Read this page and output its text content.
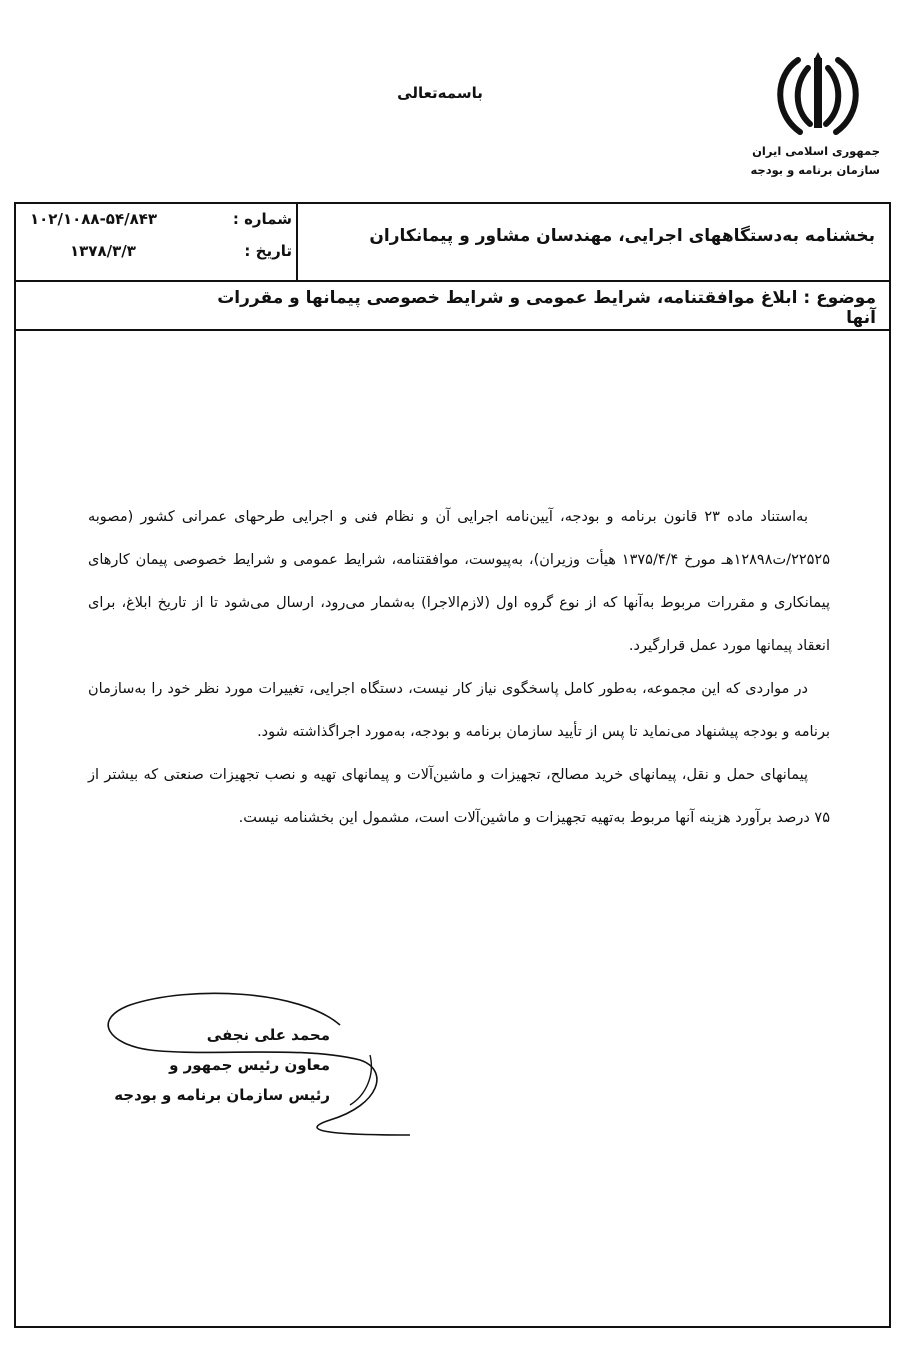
باسمه‌تعالی
جمهوری اسلامی ایران
سازمان برنامه و بودجه
بخشنامه به‌دستگاههای اجرایی، مهندسان مشاور و پیمانکاران
شماره :
۱۰۲/۱۰۸۸-۵۴/۸۴۳
تاریخ :
۱۳۷۸/۳/۳
موضوع : ابلاغ موافقتنامه، شرایط عمومی و شرایط خصوصی پیمانها و مقررات آنها

به‌استناد ماده ۲۳ قانون برنامه و بودجه، آیین‌نامه اجرایی آن و نظام فنی و اجرایی طرحهای عمرانی کشور (مصوبه ۲۲۵۲۵/ت۱۲۸۹۸هـ مورخ ۱۳۷۵/۴/۴ هیأت وزیران)، به‌پیوست، موافقتنامه، شرایط عمومی و شرایط خصوصی پیمان کارهای پیمانکاری و مقررات مربوط به‌آنها که از نوع گروه اول (لازم‌الاجرا) به‌شمار می‌رود، ارسال می‌شود تا از تاریخ ابلاغ، برای انعقاد پیمانها مورد عمل قرارگیرد.

در مواردی که این مجموعه، به‌طور کامل پاسخگوی نیاز کار نیست، دستگاه اجرایی، تغییرات مورد نظر خود را به‌سازمان برنامه و بودجه پیشنهاد می‌نماید تا پس از تأیید سازمان برنامه و بودجه، به‌مورد اجراگذاشته شود.

پیمانهای حمل و نقل، پیمانهای خرید مصالح، تجهیزات و ماشین‌آلات و پیمانهای تهیه و نصب تجهیزات صنعتی که بیشتر از ۷۵ درصد برآورد هزینه آنها مربوط به‌تهیه تجهیزات و ماشین‌آلات است، مشمول این بخشنامه نیست.

محمد علی نجفی
معاون رئیس جمهور و
رئیس سازمان برنامه و بودجه
